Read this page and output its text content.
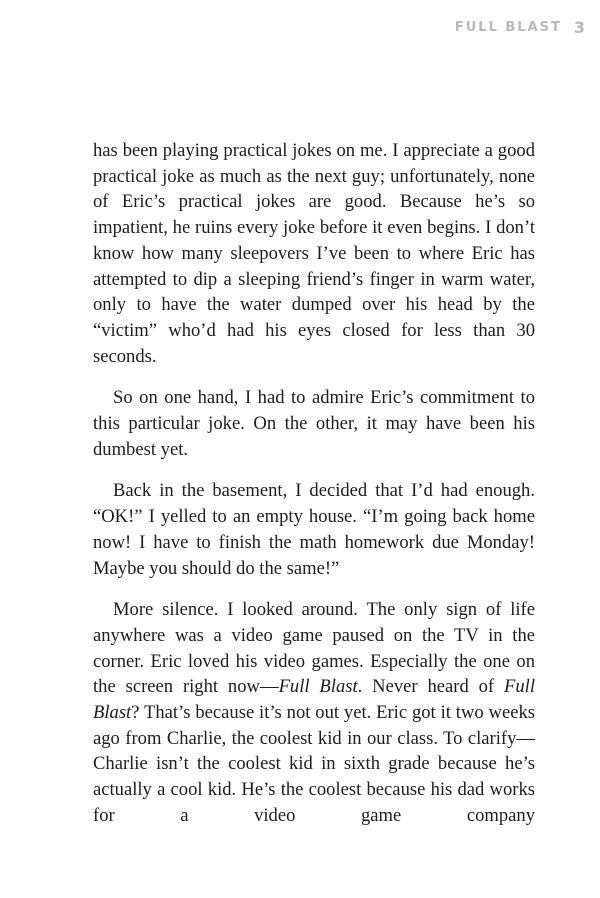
FULL BLAST 3

has been playing practical jokes on me. I appreciate a good practical joke as much as the next guy; unfortunately, none of Eric’s practical jokes are good. Because he’s so impatient, he ruins every joke before it even begins. I don’t know how many sleepovers I’ve been to where Eric has attempted to dip a sleeping friend’s finger in warm water, only to have the water dumped over his head by the “victim” who’d had his eyes closed for less than 30 seconds.

So on one hand, I had to admire Eric’s commitment to this particular joke. On the other, it may have been his dumbest yet.

Back in the basement, I decided that I’d had enough. “OK!” I yelled to an empty house. “I’m going back home now! I have to finish the math homework due Monday! Maybe you should do the same!”

More silence. I looked around. The only sign of life anywhere was a video game paused on the TV in the corner. Eric loved his video games. Especially the one on the screen right now—Full Blast. Never heard of Full Blast? That’s because it’s not out yet. Eric got it two weeks ago from Charlie, the coolest kid in our class. To clarify—Charlie isn’t the coolest kid in sixth grade because he’s actually a cool kid. He’s the coolest because his dad works for a video game company
